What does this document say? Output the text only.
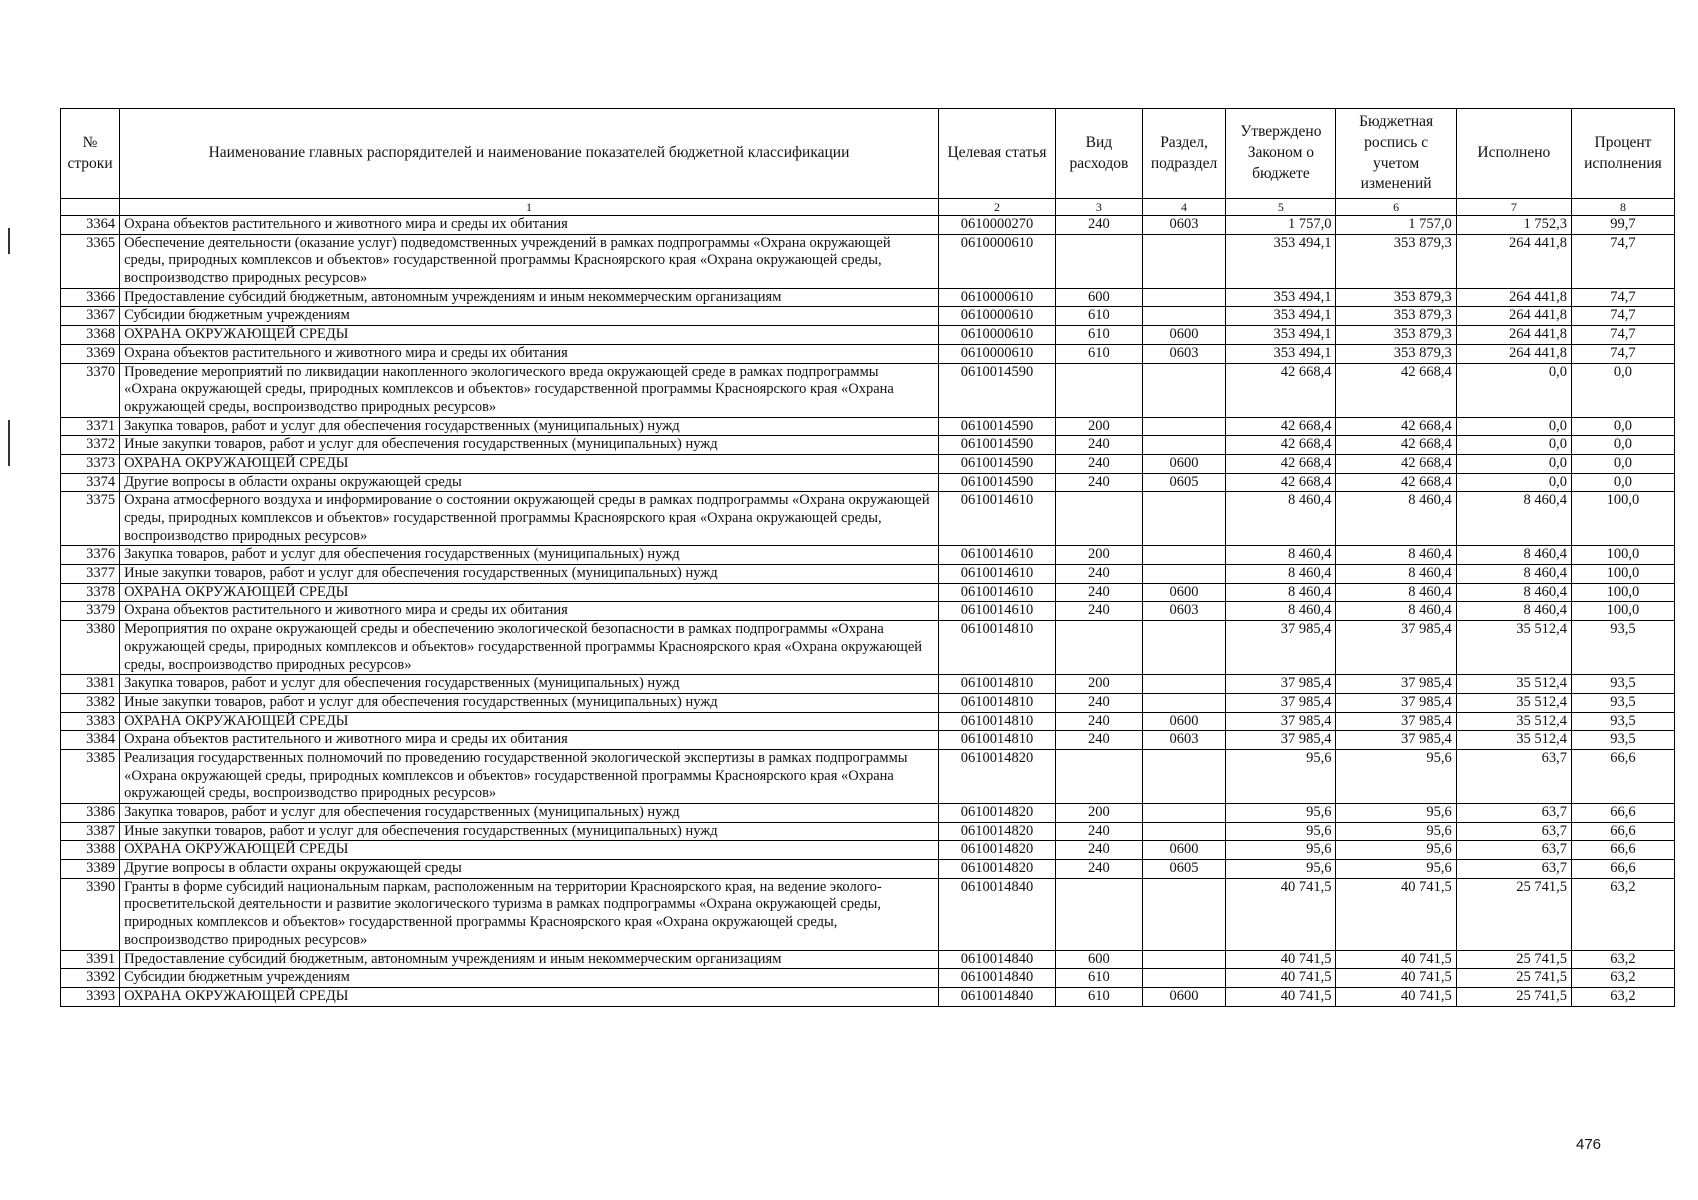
№ строки	Наименование главных распорядителей и наименование показателей бюджетной классификации	Целевая статья	Вид расходов	Раздел, подраздел	Утверждено Законом о бюджете	Бюджетная роспись с учетом изменений	Исполнено	Процент исполнения
	1	2	3	4	5	6	7	8
3364	Охрана объектов растительного и животного мира и среды их обитания	0610000270	240	0603	1 757,0	1 757,0	1 752,3	99,7
3365	Обеспечение деятельности (оказание услуг) подведомственных учреждений в рамках подпрограммы «Охрана окружающей среды, природных комплексов и объектов» государственной программы Красноярского края «Охрана окружающей среды, воспроизводство природных ресурсов»	0610000610			353 494,1	353 879,3	264 441,8	74,7
3366	Предоставление субсидий бюджетным, автономным учреждениям и иным некоммерческим организациям	0610000610	600		353 494,1	353 879,3	264 441,8	74,7
3367	Субсидии бюджетным учреждениям	0610000610	610		353 494,1	353 879,3	264 441,8	74,7
3368	ОХРАНА ОКРУЖАЮЩЕЙ СРЕДЫ	0610000610	610	0600	353 494,1	353 879,3	264 441,8	74,7
3369	Охрана объектов растительного и животного мира и среды их обитания	0610000610	610	0603	353 494,1	353 879,3	264 441,8	74,7
3370	Проведение мероприятий по ликвидации накопленного экологического вреда окружающей среде в рамках подпрограммы «Охрана окружающей среды, природных комплексов и объектов» государственной программы Красноярского края «Охрана окружающей среды, воспроизводство природных ресурсов»	0610014590			42 668,4	42 668,4	0,0	0,0
3371	Закупка товаров, работ и услуг для обеспечения государственных (муниципальных) нужд	0610014590	200		42 668,4	42 668,4	0,0	0,0
3372	Иные закупки товаров, работ и услуг для обеспечения государственных (муниципальных) нужд	0610014590	240		42 668,4	42 668,4	0,0	0,0
3373	ОХРАНА ОКРУЖАЮЩЕЙ СРЕДЫ	0610014590	240	0600	42 668,4	42 668,4	0,0	0,0
3374	Другие вопросы в области охраны окружающей среды	0610014590	240	0605	42 668,4	42 668,4	0,0	0,0
3375	Охрана атмосферного воздуха и информирование о состоянии окружающей среды в рамках подпрограммы «Охрана окружающей среды, природных комплексов и объектов» государственной программы Красноярского края «Охрана окружающей среды, воспроизводство природных ресурсов»	0610014610			8 460,4	8 460,4	8 460,4	100,0
3376	Закупка товаров, работ и услуг для обеспечения государственных (муниципальных) нужд	0610014610	200		8 460,4	8 460,4	8 460,4	100,0
3377	Иные закупки товаров, работ и услуг для обеспечения государственных (муниципальных) нужд	0610014610	240		8 460,4	8 460,4	8 460,4	100,0
3378	ОХРАНА ОКРУЖАЮЩЕЙ СРЕДЫ	0610014610	240	0600	8 460,4	8 460,4	8 460,4	100,0
3379	Охрана объектов растительного и животного мира и среды их обитания	0610014610	240	0603	8 460,4	8 460,4	8 460,4	100,0
3380	Мероприятия по охране окружающей среды и обеспечению экологической безопасности в рамках подпрограммы «Охрана окружающей среды, природных комплексов и объектов» государственной программы Красноярского края «Охрана окружающей среды, воспроизводство природных ресурсов»	0610014810			37 985,4	37 985,4	35 512,4	93,5
3381	Закупка товаров, работ и услуг для обеспечения государственных (муниципальных) нужд	0610014810	200		37 985,4	37 985,4	35 512,4	93,5
3382	Иные закупки товаров, работ и услуг для обеспечения государственных (муниципальных) нужд	0610014810	240		37 985,4	37 985,4	35 512,4	93,5
3383	ОХРАНА ОКРУЖАЮЩЕЙ СРЕДЫ	0610014810	240	0600	37 985,4	37 985,4	35 512,4	93,5
3384	Охрана объектов растительного и животного мира и среды их обитания	0610014810	240	0603	37 985,4	37 985,4	35 512,4	93,5
3385	Реализация государственных полномочий по проведению государственной экологической экспертизы в рамках подпрограммы «Охрана окружающей среды, природных комплексов и объектов» государственной программы Красноярского края «Охрана окружающей среды, воспроизводство природных ресурсов»	0610014820			95,6	95,6	63,7	66,6
3386	Закупка товаров, работ и услуг для обеспечения государственных (муниципальных) нужд	0610014820	200		95,6	95,6	63,7	66,6
3387	Иные закупки товаров, работ и услуг для обеспечения государственных (муниципальных) нужд	0610014820	240		95,6	95,6	63,7	66,6
3388	ОХРАНА ОКРУЖАЮЩЕЙ СРЕДЫ	0610014820	240	0600	95,6	95,6	63,7	66,6
3389	Другие вопросы в области охраны окружающей среды	0610014820	240	0605	95,6	95,6	63,7	66,6
3390	Гранты в форме субсидий национальным паркам, расположенным на территории Красноярского края, на ведение эколого-просветительской деятельности и развитие экологического туризма в рамках подпрограммы «Охрана окружающей среды, природных комплексов и объектов» государственной программы Красноярского края «Охрана окружающей среды, воспроизводство природных ресурсов»	0610014840			40 741,5	40 741,5	25 741,5	63,2
3391	Предоставление субсидий бюджетным, автономным учреждениям и иным некоммерческим организациям	0610014840	600		40 741,5	40 741,5	25 741,5	63,2
3392	Субсидии бюджетным учреждениям	0610014840	610		40 741,5	40 741,5	25 741,5	63,2
3393	ОХРАНА ОКРУЖАЮЩЕЙ СРЕДЫ	0610014840	610	0600	40 741,5	40 741,5	25 741,5	63,2
476
